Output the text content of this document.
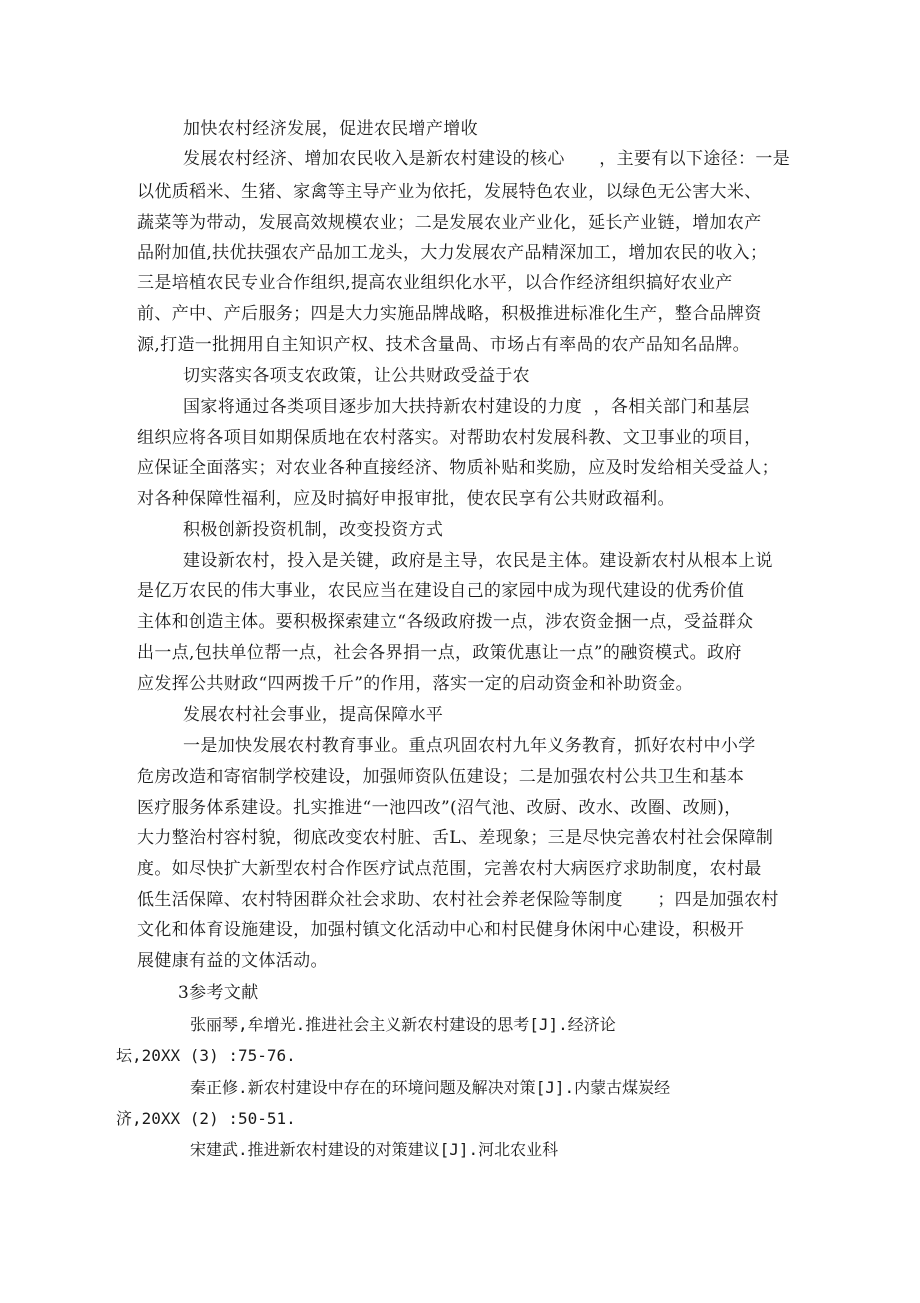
加快农村经济发展，促进农民增产增收
发展农村经济、增加农民收入是新农村建设的核心      ，主要有以下途径：一是
以优质稻米、生猪、家禽等主导产业为依托，发展特色农业，以绿色无公害大米、
蔬菜等为带动，发展高效规模农业；二是发展农业产业化，延长产业链，增加农产
品附加值,扶优扶强农产品加工龙头，大力发展农产品精深加工，增加农民的收入；
三是培植农民专业合作组织,提高农业组织化水平，以合作经济组织搞好农业产
前、产中、产后服务；四是大力实施品牌战略，积极推进标准化生产，整合品牌资
源,打造一批拥用自主知识产权、技术含量咼、市场占有率咼的农产品知名品牌。
切实落实各项支农政策，让公共财政受益于农
国家将通过各类项目逐步加大扶持新农村建设的力度  ，各相关部门和基层
组织应将各项目如期保质地在农村落实。对帮助农村发展科教、文卫事业的项目，
应保证全面落实；对农业各种直接经济、物质补贴和奖励，应及时发给相关受益人；
对各种保障性福利，应及时搞好申报审批，使农民享有公共财政福利。
积极创新投资机制，改变投资方式
建设新农村，投入是关键，政府是主导，农民是主体。建设新农村从根本上说
是亿万农民的伟大事业，农民应当在建设自己的家园中成为现代建设的优秀价值
主体和创造主体。要积极探索建立“各级政府拨一点，涉农资金捆一点，受益群众
出一点,包扶单位帮一点，社会各界捐一点，政策优惠让一点”的融资模式。政府
应发挥公共财政“四两拨千斤”的作用，落实一定的启动资金和补助资金。
发展农村社会事业，提高保障水平
一是加快发展农村教育事业。重点巩固农村九年义务教育，抓好农村中小学
危房改造和寄宿制学校建设，加强师资队伍建设；二是加强农村公共卫生和基本
医疗服务体系建设。扎实推进“一池四改”(沼气池、改厨、改水、改圈、改厕)，
大力整治村容村貌，彻底改变农村脏、舌L、差现象；三是尽快完善农村社会保障制
度。如尽快扩大新型农村合作医疗试点范围，完善农村大病医疗求助制度，农村最
低生活保障、农村特困群众社会求助、农村社会养老保险等制度      ；四是加强农村
文化和体育设施建设，加强村镇文化活动中心和村民健身休闲中心建设，积极开
展健康有益的文体活动。
3参考文献
张丽琴,牟增光.推进社会主义新农村建设的思考[J].经济论
坛,20XX (3) :75-76.
秦正修.新农村建设中存在的环境问题及解决对策[J].内蒙古煤炭经
济,20XX (2) :50-51.
宋建武.推进新农村建设的对策建议[J].河北农业科
